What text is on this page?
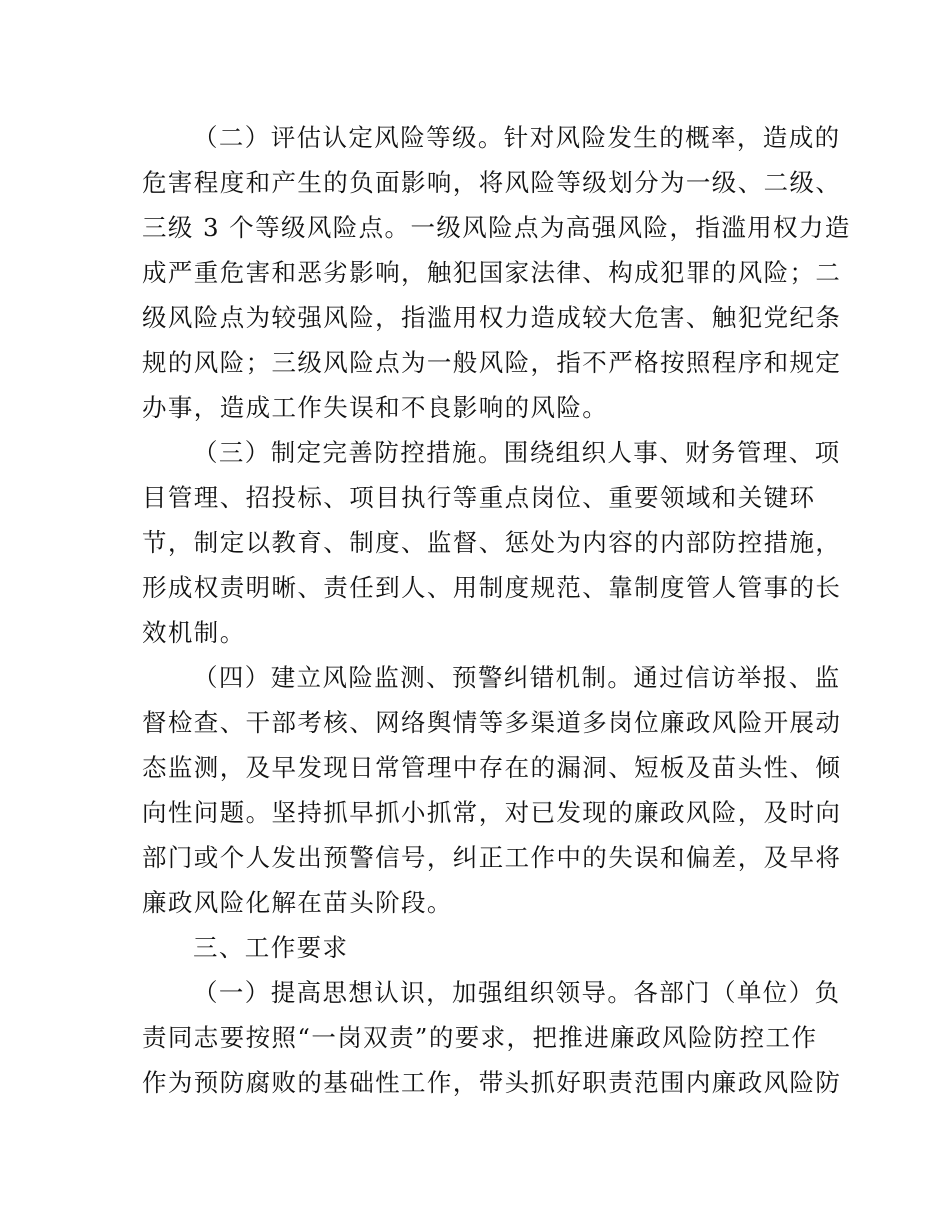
（二）评估认定风险等级。针对风险发生的概率，造成的
危害程度和产生的负面影响，将风险等级划分为一级、二级、
三级 3 个等级风险点。一级风险点为高强风险，指滥用权力造
成严重危害和恶劣影响，触犯国家法律、构成犯罪的风险；二
级风险点为较强风险，指滥用权力造成较大危害、触犯党纪条
规的风险；三级风险点为一般风险，指不严格按照程序和规定
办事，造成工作失误和不良影响的风险。
（三）制定完善防控措施。围绕组织人事、财务管理、项
目管理、招投标、项目执行等重点岗位、重要领域和关键环
节，制定以教育、制度、监督、惩处为内容的内部防控措施，
形成权责明晰、责任到人、用制度规范、靠制度管人管事的长
效机制。
（四）建立风险监测、预警纠错机制。通过信访举报、监
督检查、干部考核、网络舆情等多渠道多岗位廉政风险开展动
态监测，及早发现日常管理中存在的漏洞、短板及苗头性、倾
向性问题。坚持抓早抓小抓常，对已发现的廉政风险，及时向
部门或个人发出预警信号，纠正工作中的失误和偏差，及早将
廉政风险化解在苗头阶段。
三、工作要求
（一）提高思想认识，加强组织领导。各部门（单位）负
责同志要按照“一岗双责”的要求，把推进廉政风险防控工作
作为预防腐败的基础性工作，带头抓好职责范围内廉政风险防
